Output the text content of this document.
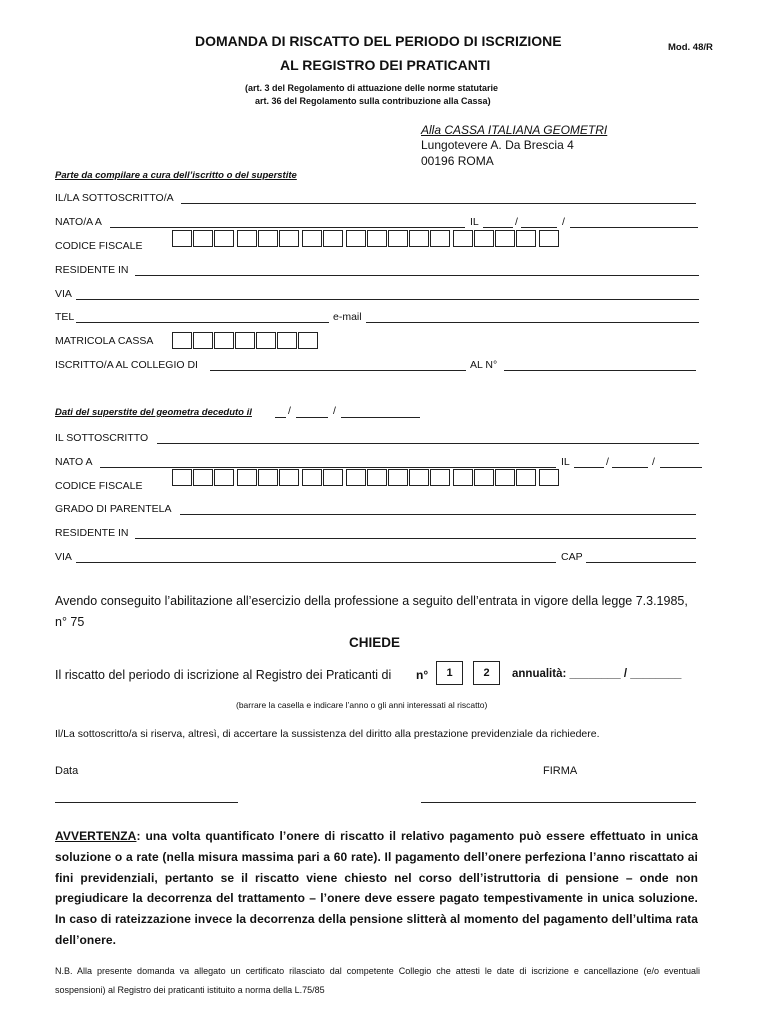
DOMANDA DI RISCATTO DEL PERIODO DI ISCRIZIONE	Mod. 48/R
AL REGISTRO DEI PRATICANTI
(art. 3 del Regolamento di attuazione delle norme statutarie
art. 36 del Regolamento sulla contribuzione alla Cassa)
Alla CASSA ITALIANA GEOMETRI
Lungotevere A. Da Brescia 4
00196 ROMA
Parte da compilare a cura dell’iscritto o del superstite
IL/LA SOTTOSCRITTO/A
NATO/A A	IL	/	/
CODICE FISCALE
RESIDENTE IN
VIA
TEL	e-mail
MATRICOLA CASSA
ISCRITTO/A AL COLLEGIO DI	AL N°
Dati del superstite del geometra deceduto il	/	/
IL SOTTOSCRITTO
NATO A	IL	/	/
CODICE FISCALE
GRADO DI PARENTELA
RESIDENTE IN
VIA	CAP
Avendo conseguito l’abilitazione all’esercizio della professione a seguito dell’entrata in vigore della legge 7.3.1985,
n° 75
CHIEDE
Il riscatto del periodo di iscrizione al Registro dei Praticanti di n°	1	2	annualità: ________ / ________
(barrare la casella e indicare l’anno o gli anni interessati al riscatto)
Il/La sottoscritto/a si riserva, altresì, di accertare la sussistenza del diritto alla prestazione previdenziale da richiedere.
Data	FIRMA
AVVERTENZA: una volta quantificato l’onere di riscatto il relativo pagamento può essere effettuato in unica soluzione o a rate (nella misura massima pari a 60 rate). Il pagamento dell’onere perfeziona l’anno riscattato ai fini previdenziali, pertanto se il riscatto viene chiesto nel corso dell’istruttoria di pensione – onde non pregiudicare la decorrenza del trattamento – l’onere deve essere pagato tempestivamente in unica soluzione. In caso di rateizzazione invece la decorrenza della pensione slitterà al momento del pagamento dell’ultima rata dell’onere.
N.B. Alla presente domanda va allegato un certificato rilasciato dal competente Collegio che attesti le date di iscrizione e cancellazione (e/o eventuali sospensioni) al Registro dei praticanti istituito a norma della L.75/85
